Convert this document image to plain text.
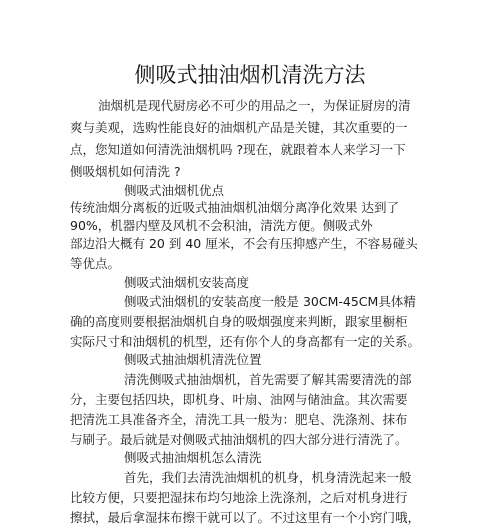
侧吸式抽油烟机清洗方法
油烟机是现代厨房必不可少的用品之一，为保证厨房的清
爽与美观，选购性能良好的油烟机产品是关键，其次重要的一
点，您知道如何清洗油烟机吗 ?现在，就跟着本人来学习一下
侧吸烟机如何清洗 ?
侧吸式油烟机优点
传统油烟分离板的近吸式抽油烟机油烟分离净化效果 达到了
90%，机器内壁及风机不会积油，清洗方便。侧吸式外
部边沿大概有 20 到 40 厘米，不会有压抑感产生，不容易碰头
等优点。
侧吸式油烟机安装高度
侧吸式油烟机的安装高度一般是 30CM-45CM具体精
确的高度则要根据油烟机自身的吸烟强度来判断，跟家里橱柜
实际尺寸和油烟机的机型，还有你个人的身高都有一定的关系。
侧吸式抽油烟机清洗位置
清洗侧吸式抽油烟机，首先需要了解其需要清洗的部
分，主要包括四块，即机身、叶扇、油网与储油盒。其次需要
把清洗工具准备齐全，清洗工具一般为：肥皂、洗涤剂、抹布
与刷子。最后就是对侧吸式抽油烟机的四大部分进行清洗了。
侧吸式抽油烟机怎么清洗
首先，我们去清洗油烟机的机身，机身清洗起来一般
比较方便，只要把湿抹布均匀地涂上洗涤剂，之后对机身进行
擦拭，最后拿湿抹布擦干就可以了。不过这里有一个小窍门哦，
